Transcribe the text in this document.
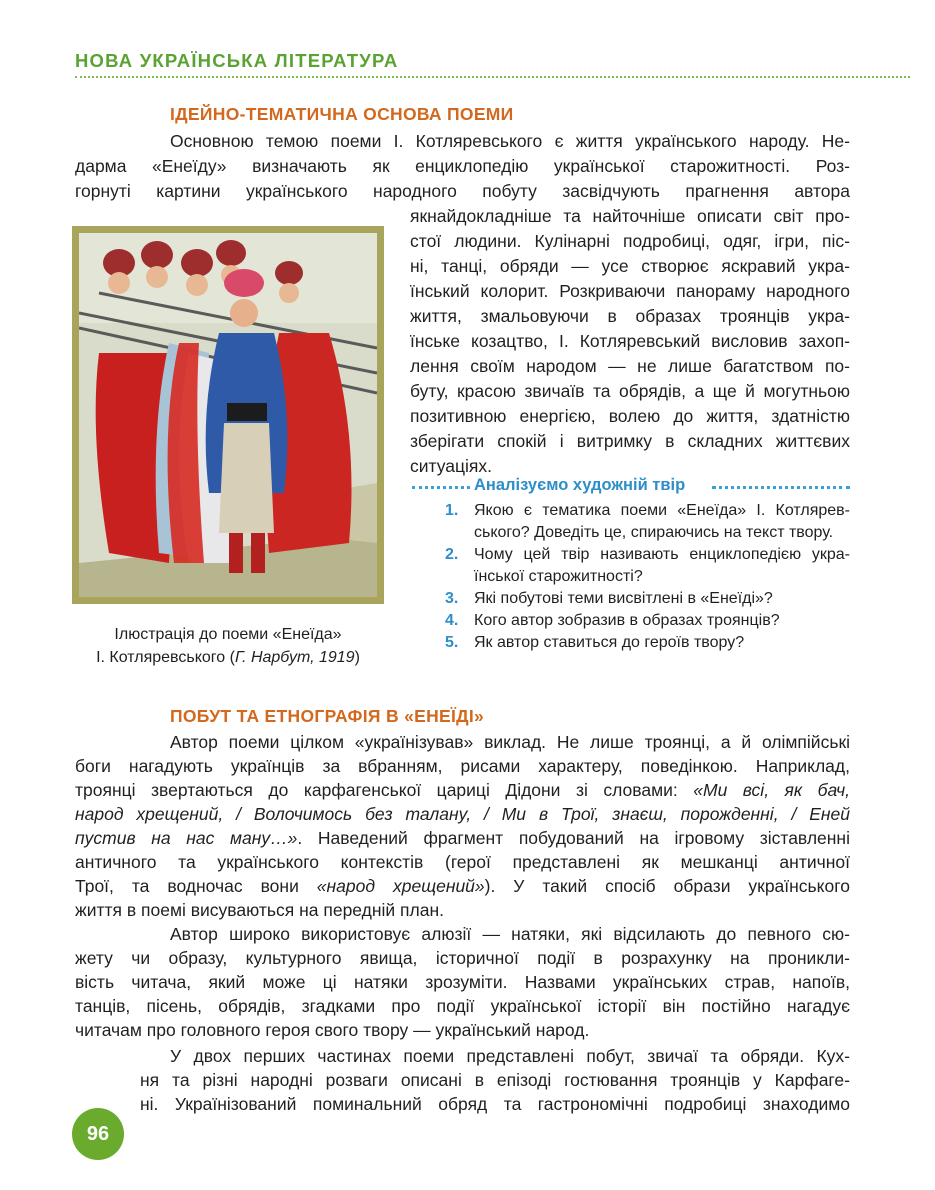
НОВА УКРАЇНСЬКА ЛІТЕРАТУРА
ІДЕЙНО-ТЕМАТИЧНА ОСНОВА ПОЕМИ
Основною темою поеми І. Котляревського є життя українського народу. Не-
дарма «Енеїду» визначають як енциклопедію української старожитності. Роз-
горнуті картини українського народного побуту засвідчують прагнення автора
якнайдокладніше та найточніше описати світ про-
стої людини. Кулінарні подробиці, одяг, ігри, піс-
ні, танці, обряди — усе створює яскравий укра-
їнський колорит. Розкриваючи панораму народного
життя, змальовуючи в образах троянців укра-
їнське козацтво, І. Котляревський висловив захоп-
лення своїм народом — не лише багатством по-
буту, красою звичаїв та обрядів, а ще й могутньою
позитивною енергією, волею до життя, здатністю
зберігати спокій і витримку в складних життєвих
ситуаціях.
Ілюстрація до поеми «Енеїда»
І. Котляревського (Г. Нарбут, 1919)
Аналізуємо художній твір
1. Якою є тематика поеми «Енеїда» І. Котлярев-
ського? Доведіть це, спираючись на текст твору.
2. Чому цей твір називають енциклопедією укра-
їнської старожитності?
3. Які побутові теми висвітлені в «Енеїді»?
4. Кого автор зобразив в образах троянців?
5. Як автор ставиться до героїв твору?
ПОБУТ ТА ЕТНОГРАФІЯ В «ЕНЕЇДІ»
Автор поеми цілком «українізував» виклад. Не лише троянці, а й олімпійські
боги нагадують українців за вбранням, рисами характеру, поведінкою. Наприклад,
троянці звертаються до карфагенської цариці Дідони зі словами: «Ми всі, як бач,
народ хрещений, / Волочимось без талану, / Ми в Трої, знаєш, порожденні, / Еней
пустив на нас ману…». Наведений фрагмент побудований на ігровому зіставленні
античного та українського контекстів (герої представлені як мешканці античної
Трої, та водночас вони «народ хрещений»). У такий спосіб образи українського
життя в поемі висуваються на передній план.
Автор широко використовує алюзії — натяки, які відсилають до певного сю-
жету чи образу, культурного явища, історичної події в розрахунку на проникли-
вість читача, який може ці натяки зрозуміти. Назвами українських страв, напоїв,
танців, пісень, обрядів, згадками про події української історії він постійно нагадує
читачам про головного героя свого твору — український народ.
У двох перших частинах поеми представлені побут, звичаї та обряди. Кух-
ня та різні народні розваги описані в епізоді гостювання троянців у Карфаге-
ні. Українізований поминальний обряд та гастрономічні подробиці знаходимо
96
